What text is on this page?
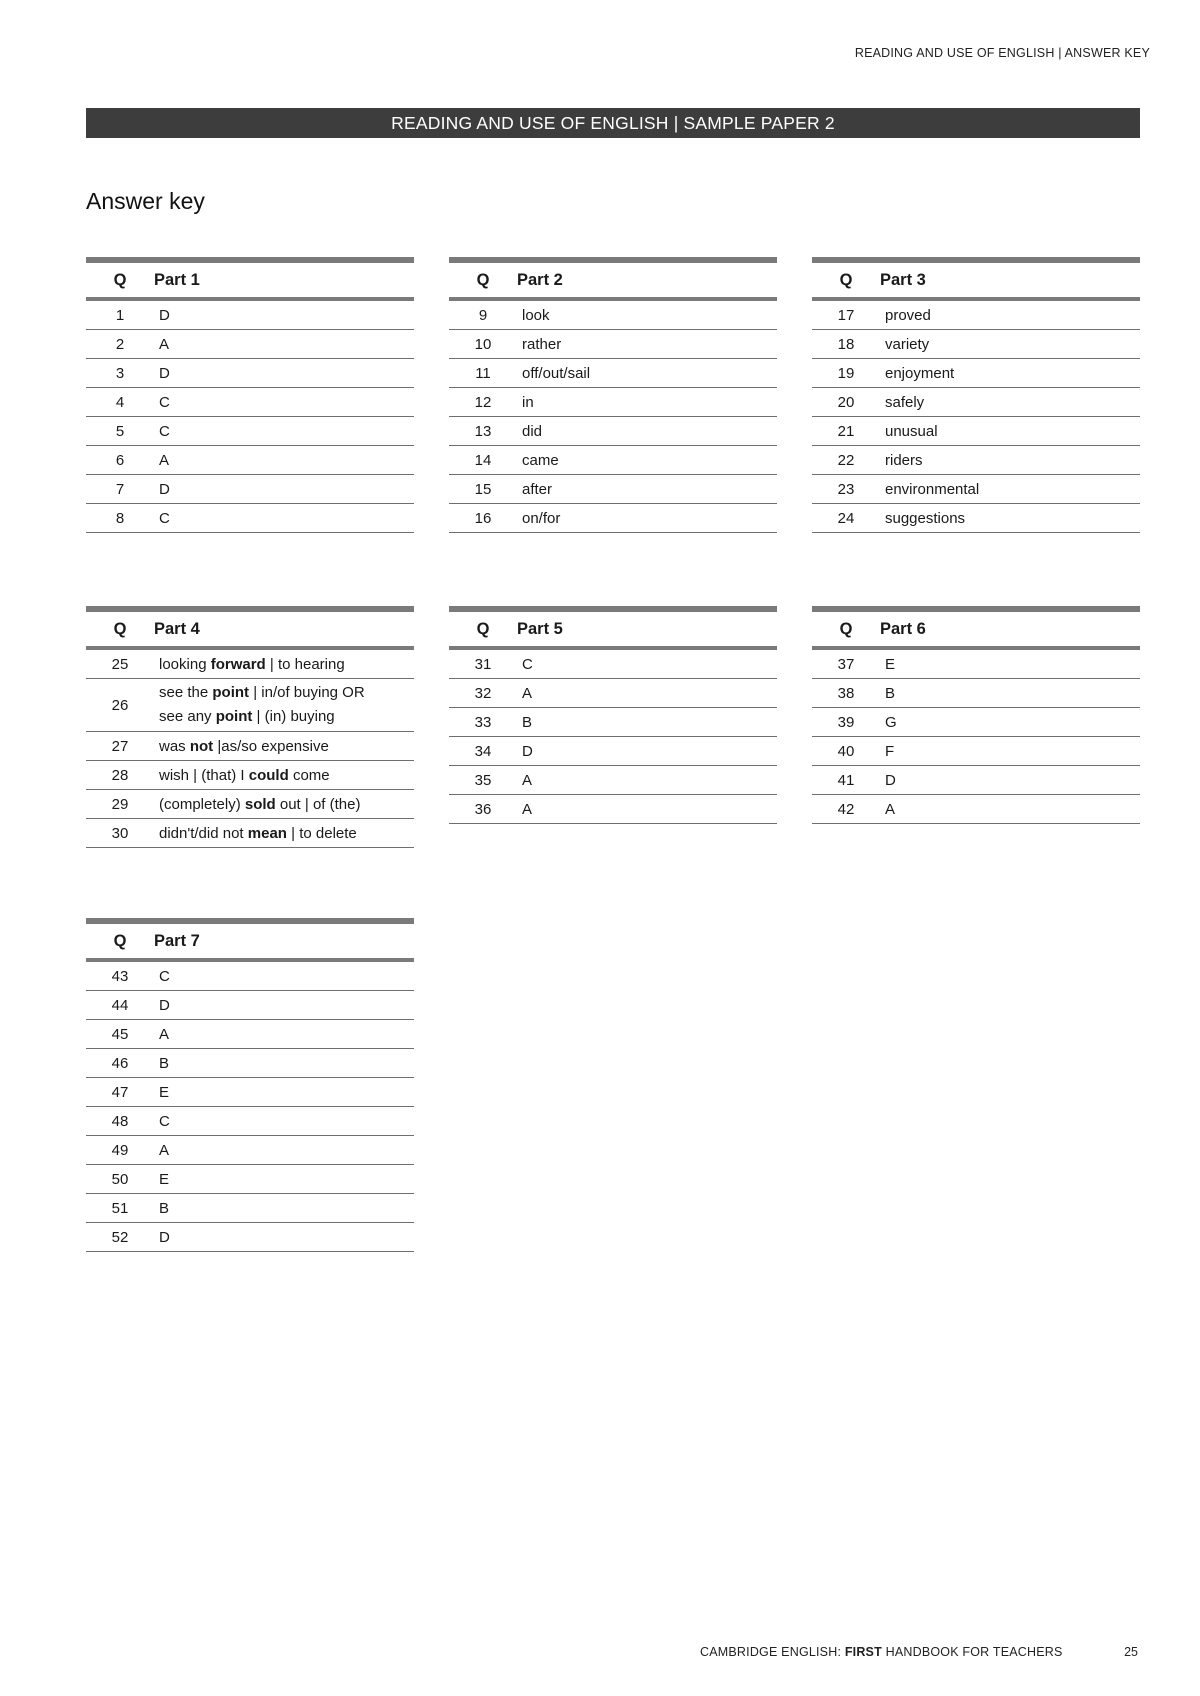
READING AND USE OF ENGLISH | ANSWER KEY
READING AND USE OF ENGLISH | SAMPLE PAPER 2
Answer key
Q	Part 1
1	D
2	A
3	D
4	C
5	C
6	A
7	D
8	C
Q	Part 2
9	look
10	rather
11	off/out/sail
12	in
13	did
14	came
15	after
16	on/for
Q	Part 3
17	proved
18	variety
19	enjoyment
20	safely
21	unusual
22	riders
23	environmental
24	suggestions
Q	Part 4
25	looking forward | to hearing
26	see the point | in/of buying OR
see any point | (in) buying

27	was not |as/so expensive
28	wish | (that) I could come
29	(completely) sold out | of (the)
30	didn't/did not mean | to delete
Q	Part 5
31	C
32	A
33	B
34	D
35	A
36	A
Q	Part 6
37	E
38	B
39	G
40	F
41	D
42	A
Q	Part 7
43	C
44	D
45	A
46	B
47	E
48	C
49	A
50	E
51	B
52	D
CAMBRIDGE ENGLISH: FIRST HANDBOOK FOR TEACHERS	25
